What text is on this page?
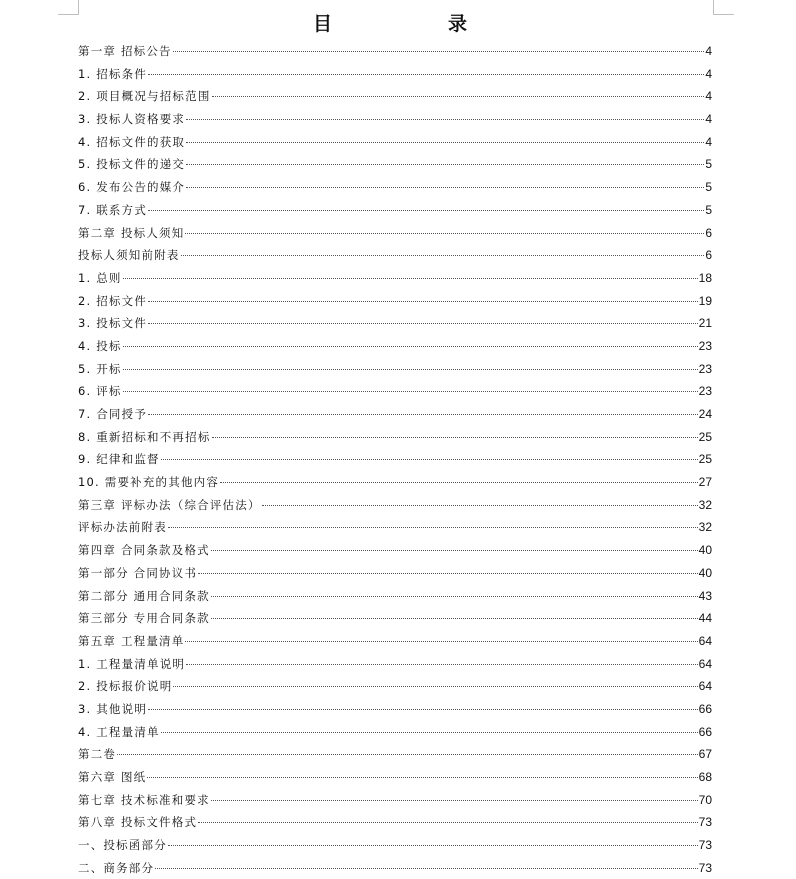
目　　录
第一章 招标公告	4
1. 招标条件	4
2. 项目概况与招标范围	4
3. 投标人资格要求	4
4. 招标文件的获取	4
5. 投标文件的递交	5
6. 发布公告的媒介	5
7. 联系方式	5
第二章 投标人须知	6
投标人须知前附表	6
1. 总则	18
2. 招标文件	19
3. 投标文件	21
4. 投标	23
5. 开标	23
6. 评标	23
7. 合同授予	24
8. 重新招标和不再招标	25
9. 纪律和监督	25
10. 需要补充的其他内容	27
第三章 评标办法（综合评估法）	32
评标办法前附表	32
第四章 合同条款及格式	40
第一部分 合同协议书	40
第二部分 通用合同条款	43
第三部分 专用合同条款	44
第五章 工程量清单	64
1. 工程量清单说明	64
2. 投标报价说明	64
3. 其他说明	66
4. 工程量清单	66
第二卷	67
第六章 图纸	68
第七章 技术标准和要求	70
第八章 投标文件格式	73
一、投标函部分	73
二、商务部分	73
